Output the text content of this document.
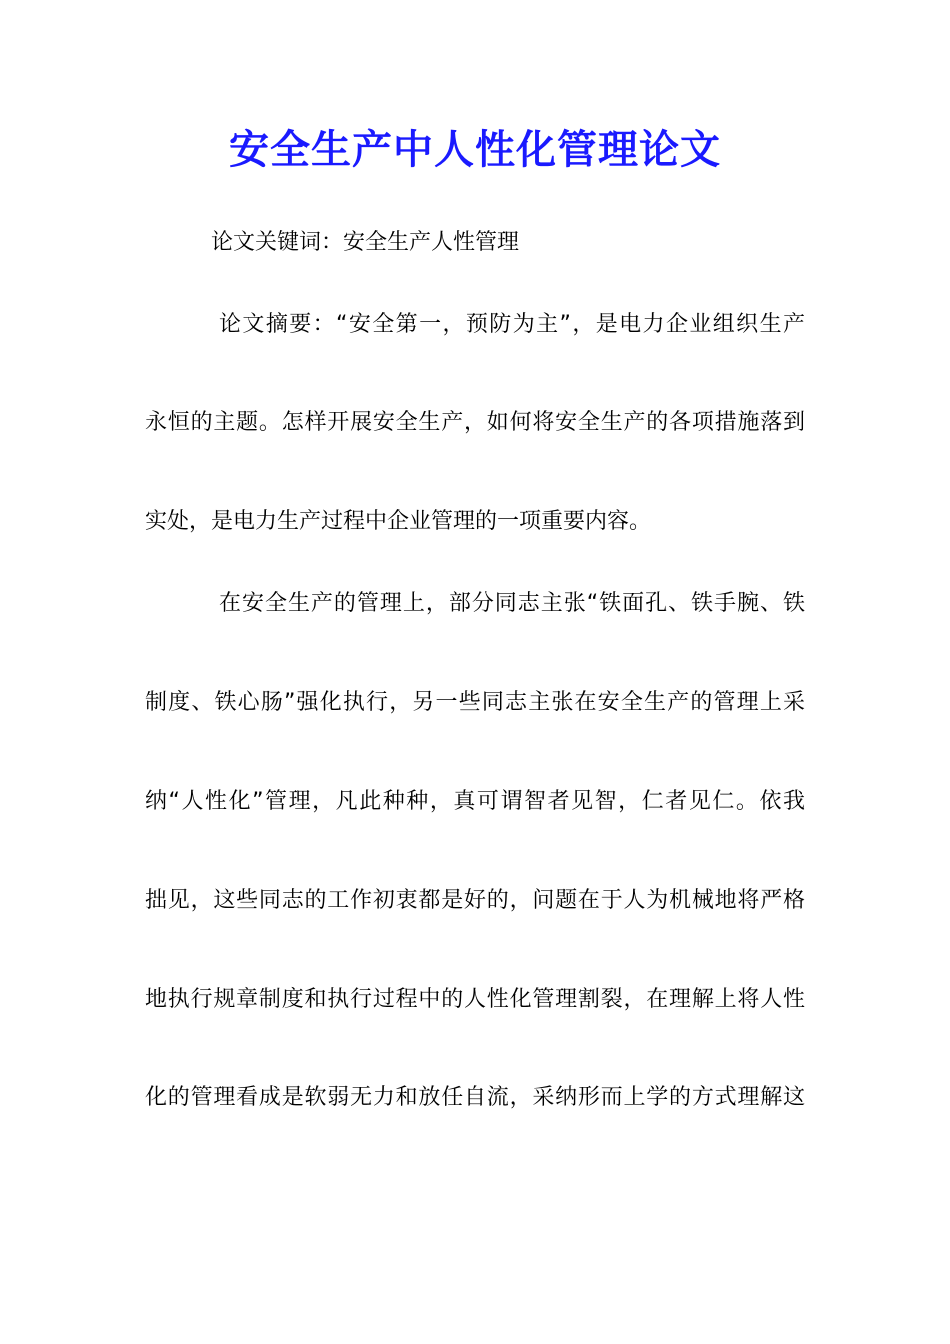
安全生产中人性化管理论文
论文关键词：安全生产人性管理
论文摘要：“安全第一，预防为主”，是电力企业组织生产
永恒的主题。怎样开展安全生产，如何将安全生产的各项措施落到
实处，是电力生产过程中企业管理的一项重要内容。
在安全生产的管理上，部分同志主张“铁面孔、铁手腕、铁
制度、铁心肠”强化执行，另一些同志主张在安全生产的管理上采
纳“人性化”管理，凡此种种，真可谓智者见智，仁者见仁。依我
拙见，这些同志的工作初衷都是好的，问题在于人为机械地将严格
地执行规章制度和执行过程中的人性化管理割裂，在理解上将人性
化的管理看成是软弱无力和放任自流，采纳形而上学的方式理解这
